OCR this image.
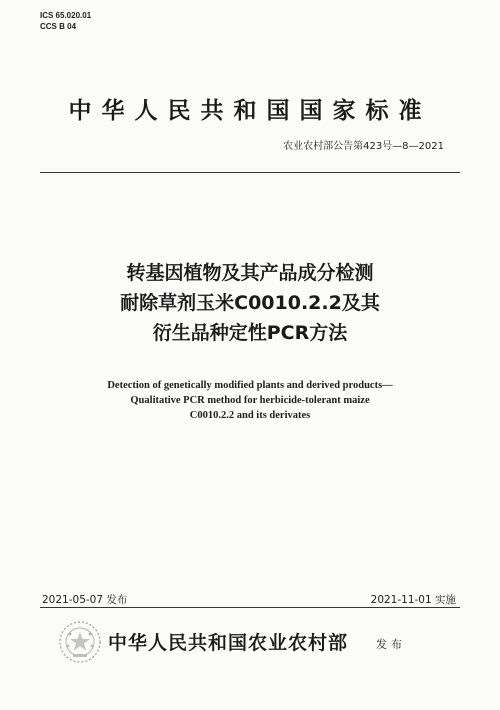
ICS 65.020.01
CCS B 04
中华人民共和国国家标准
农业农村部公告第423号—8—2021
转基因植物及其产品成分检测
耐除草剂玉米C0010.2.2及其
衍生品种定性PCR方法
Detection of genetically modified plants and derived products—
Qualitative PCR method for herbicide-tolerant maize
C0010.2.2 and its derivates
2021-05-07 发布	2021-11-01 实施
中华人民共和国农业农村部	发布
